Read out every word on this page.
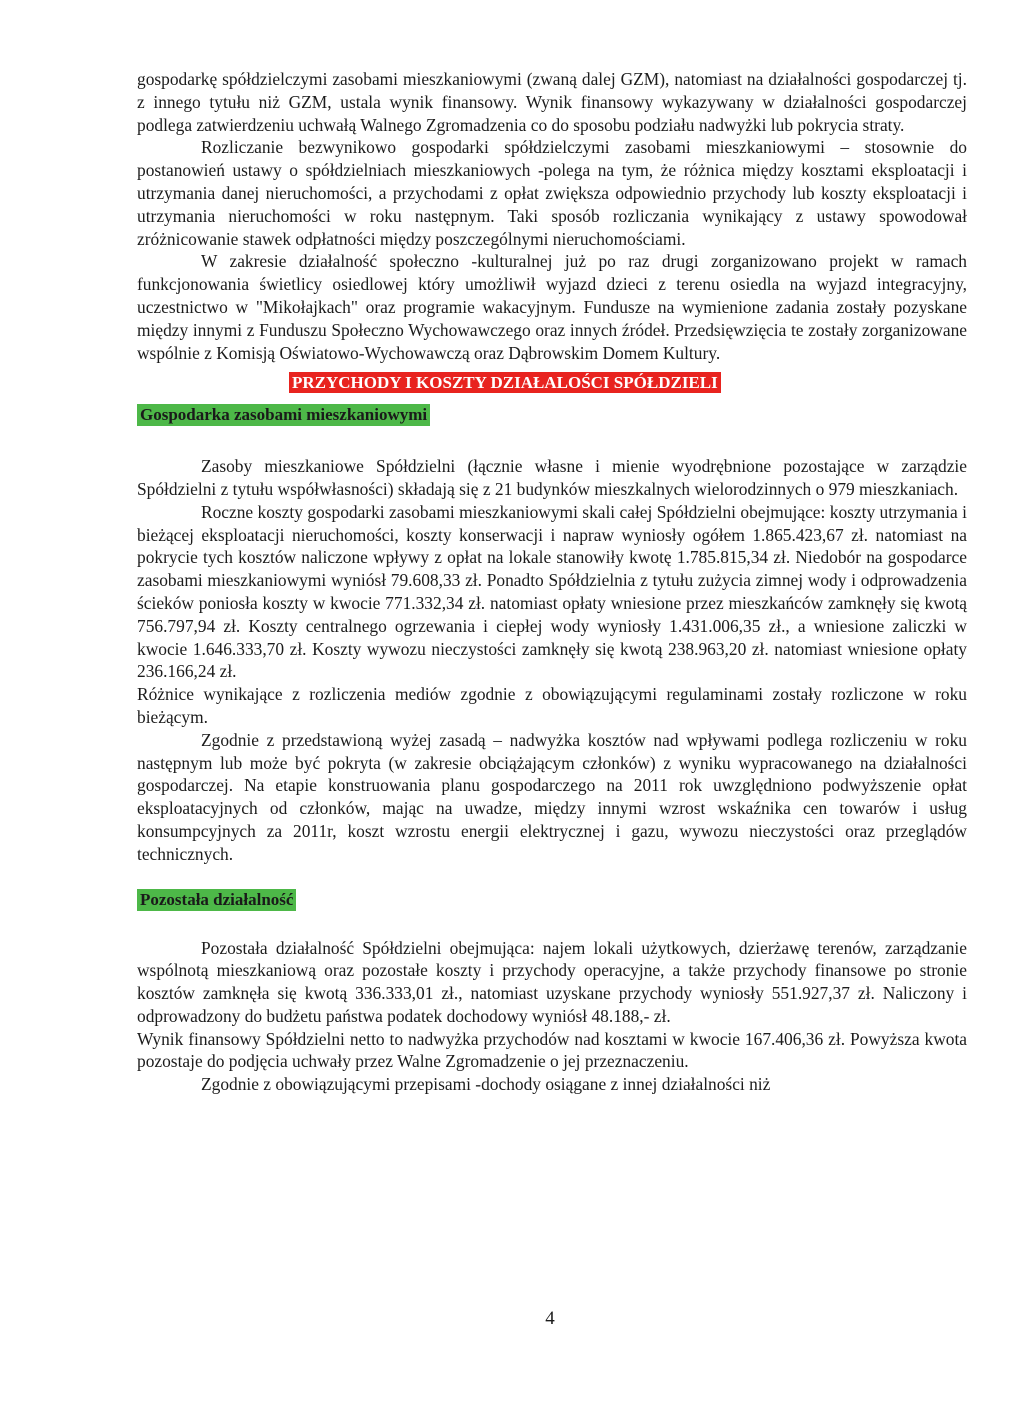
gospodarkę spółdzielczymi zasobami mieszkaniowymi (zwaną dalej GZM), natomiast na działalności gospodarczej tj. z innego tytułu niż GZM, ustala wynik finansowy. Wynik finansowy wykazywany w działalności gospodarczej podlega zatwierdzeniu uchwałą Walnego Zgromadzenia co do sposobu podziału nadwyżki lub pokrycia straty.

Rozliczanie bezwynikowo gospodarki spółdzielczymi zasobami mieszkaniowymi – stosownie do postanowień ustawy o spółdzielniach mieszkaniowych -polega na tym, że różnica między kosztami eksploatacji i utrzymania danej nieruchomości, a przychodami z opłat zwiększa odpowiednio przychody lub koszty eksploatacji i utrzymania nieruchomości w roku następnym. Taki sposób rozliczania wynikający z ustawy spowodował zróżnicowanie stawek odpłatności między poszczególnymi nieruchomościami.

W zakresie działalność społeczno -kulturalnej już po raz drugi zorganizowano projekt w ramach funkcjonowania świetlicy osiedlowej który umożliwił wyjazd dzieci z terenu osiedla na wyjazd integracyjny, uczestnictwo w "Mikołajkach" oraz programie wakacyjnym. Fundusze na wymienione zadania zostały pozyskane między innymi z Funduszu Społeczno Wychowawczego oraz innych źródeł. Przedsięwzięcia te zostały zorganizowane wspólnie z Komisją Oświatowo-Wychowawczą oraz Dąbrowskim Domem Kultury.

PRZYCHODY I KOSZTY DZIAŁALOŚCI SPÓŁDZIELI
Gospodarka zasobami mieszkaniowymi

Zasoby mieszkaniowe Spółdzielni (łącznie własne i mienie wyodrębnione pozostające w zarządzie Spółdzielni z tytułu współwłasności) składają się z 21 budynków mieszkalnych wielorodzinnych o 979 mieszkaniach.

Roczne koszty gospodarki zasobami mieszkaniowymi skali całej Spółdzielni obejmujące: koszty utrzymania i bieżącej eksploatacji nieruchomości, koszty konserwacji i napraw wyniosły ogółem 1.865.423,67 zł. natomiast na pokrycie tych kosztów naliczone wpływy z opłat na lokale stanowiły kwotę 1.785.815,34 zł. Niedobór na gospodarce zasobami mieszkaniowymi wyniósł 79.608,33 zł. Ponadto Spółdzielnia z tytułu zużycia zimnej wody i odprowadzenia ścieków poniosła koszty w kwocie 771.332,34 zł. natomiast opłaty wniesione przez mieszkańców zamknęły się kwotą 756.797,94 zł. Koszty centralnego ogrzewania i ciepłej wody wyniosły 1.431.006,35 zł., a wniesione zaliczki w kwocie 1.646.333,70 zł. Koszty wywozu nieczystości zamknęły się kwotą 238.963,20 zł. natomiast wniesione opłaty 236.166,24 zł.

Różnice wynikające z rozliczenia mediów zgodnie z obowiązującymi regulaminami zostały rozliczone w roku bieżącym.

Zgodnie z przedstawioną wyżej zasadą – nadwyżka kosztów nad wpływami podlega rozliczeniu w roku następnym lub może być pokryta (w zakresie obciążającym członków) z wyniku wypracowanego na działalności gospodarczej. Na etapie konstruowania planu gospodarczego na 2011 rok uwzględniono podwyższenie opłat eksploatacyjnych od członków, mając na uwadze, między innymi wzrost wskaźnika cen towarów i usług konsumpcyjnych za 2011r, koszt wzrostu energii elektrycznej i gazu, wywozu nieczystości oraz przeglądów technicznych.

Pozostała działalność

Pozostała działalność Spółdzielni obejmująca: najem lokali użytkowych, dzierżawę terenów, zarządzanie wspólnotą mieszkaniową oraz pozostałe koszty i przychody operacyjne, a także przychody finansowe po stronie kosztów zamknęła się kwotą 336.333,01 zł., natomiast uzyskane przychody wyniosły 551.927,37 zł. Naliczony i odprowadzony do budżetu państwa podatek dochodowy wyniósł 48.188,- zł.

Wynik finansowy Spółdzielni netto to nadwyżka przychodów nad kosztami w kwocie 167.406,36 zł. Powyższa kwota pozostaje do podjęcia uchwały przez Walne Zgromadzenie o jej przeznaczeniu.

Zgodnie z obowiązującymi przepisami -dochody osiągane z innej działalności niż

4
